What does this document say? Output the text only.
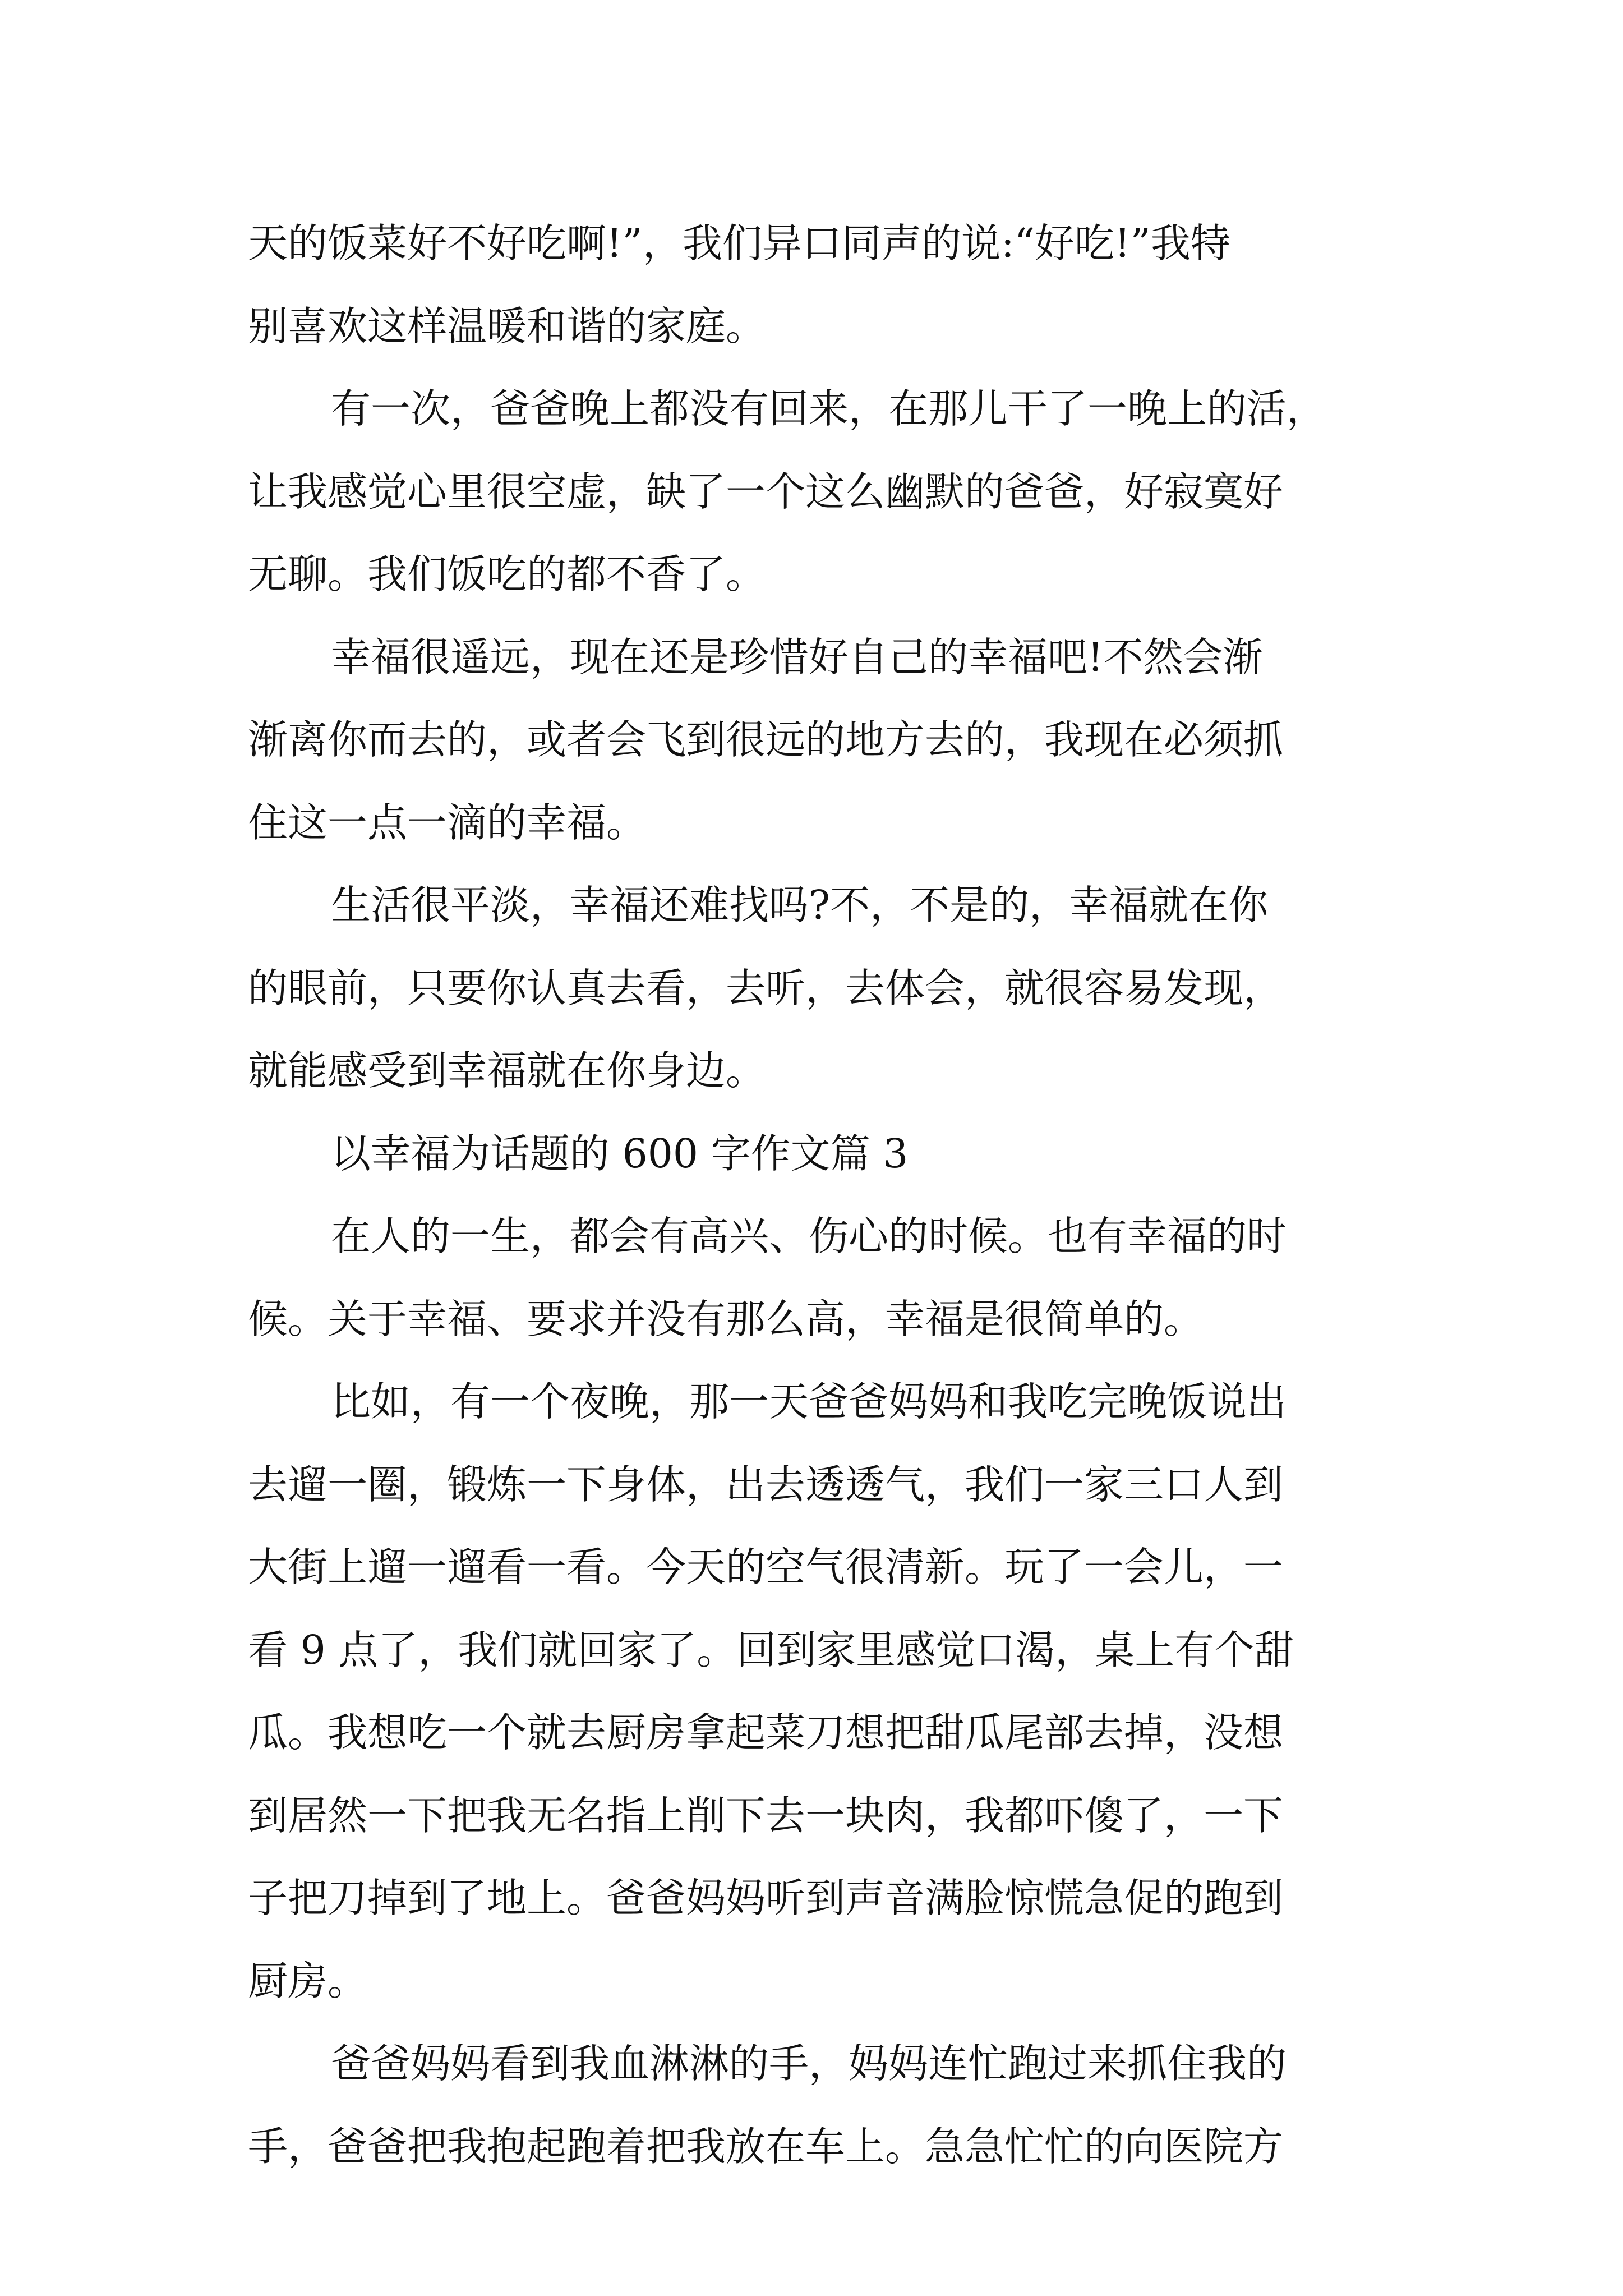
天的饭菜好不好吃啊!”，我们异口同声的说:“好吃!”我特
别喜欢这样温暖和谐的家庭。
有一次，爸爸晚上都没有回来，在那儿干了一晚上的活，
让我感觉心里很空虚，缺了一个这么幽默的爸爸，好寂寞好
无聊。我们饭吃的都不香了。
幸福很遥远，现在还是珍惜好自己的幸福吧!不然会渐
渐离你而去的，或者会飞到很远的地方去的，我现在必须抓
住这一点一滴的幸福。
生活很平淡，幸福还难找吗?不，不是的，幸福就在你
的眼前，只要你认真去看，去听，去体会，就很容易发现，
就能感受到幸福就在你身边。
以幸福为话题的 600 字作文篇 3
在人的一生，都会有高兴、伤心的时候。也有幸福的时
候。关于幸福、要求并没有那么高，幸福是很简单的。
比如，有一个夜晚，那一天爸爸妈妈和我吃完晚饭说出
去遛一圈，锻炼一下身体，出去透透气，我们一家三口人到
大街上遛一遛看一看。今天的空气很清新。玩了一会儿，一
看 9 点了，我们就回家了。回到家里感觉口渴，桌上有个甜
瓜。我想吃一个就去厨房拿起菜刀想把甜瓜尾部去掉，没想
到居然一下把我无名指上削下去一块肉，我都吓傻了，一下
子把刀掉到了地上。爸爸妈妈听到声音满脸惊慌急促的跑到
厨房。
爸爸妈妈看到我血淋淋的手，妈妈连忙跑过来抓住我的
手，爸爸把我抱起跑着把我放在车上。急急忙忙的向医院方
